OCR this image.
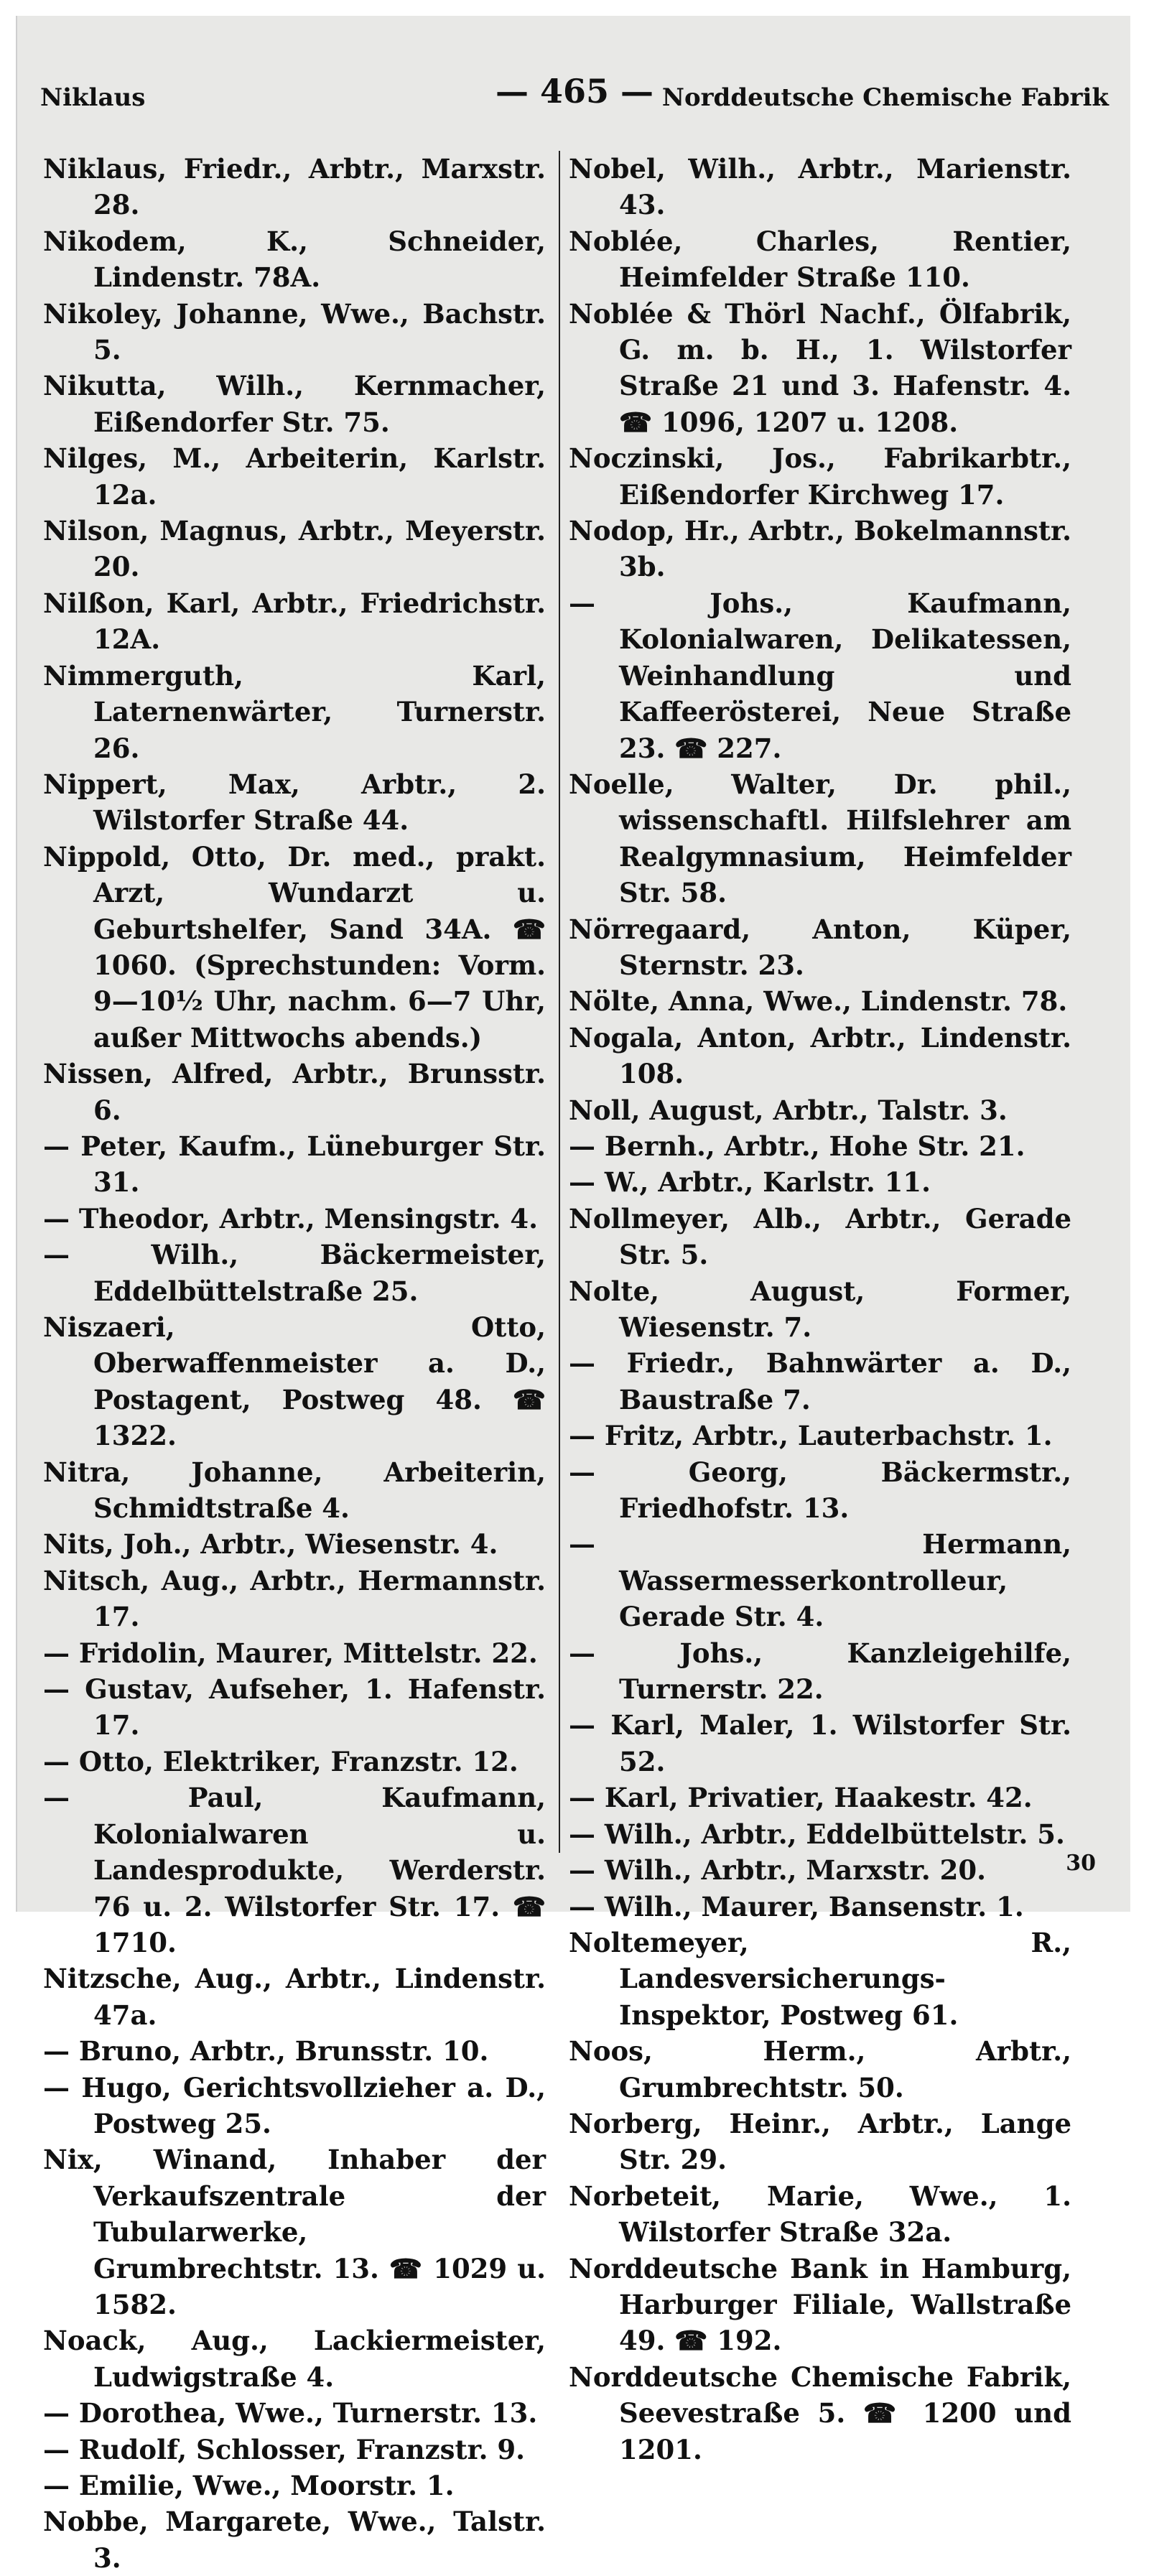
Niklaus	— 465 — Norddeutsche Chemische Fabrik

Niklaus, Friedr., Arbtr., Marxstr. 28.

Nikodem, K., Schneider, Lindenstr. 78A.

Nikoley, Johanne, Wwe., Bachstr. 5.

Nikutta, Wilh., Kernmacher, Eißendorfer Str. 75.

Nilges, M., Arbeiterin, Karlstr. 12a.

Nilson, Magnus, Arbtr., Meyerstr. 20.

Nilßon, Karl, Arbtr., Friedrichstr. 12A.

Nimmerguth, Karl, Laternenwärter, Turnerstr. 26.

Nippert, Max, Arbtr., 2. Wilstorfer Straße 44.

Nippold, Otto, Dr. med., prakt. Arzt, Wundarzt u. Geburtshelfer, Sand 34A. ☎ 1060. (Sprechstunden: Vorm. 9—10½ Uhr, nachm. 6—7 Uhr, außer Mittwochs abends.)

Nissen, Alfred, Arbtr., Brunsstr. 6.

— Peter, Kaufm., Lüneburger Str. 31.

— Theodor, Arbtr., Mensingstr. 4.

— Wilh., Bäckermeister, Eddelbüttelstraße 25.

Niszaeri, Otto, Oberwaffenmeister a. D., Postagent, Postweg 48. ☎ 1322.

Nitra, Johanne, Arbeiterin, Schmidtstraße 4.

Nits, Joh., Arbtr., Wiesenstr. 4.

Nitsch, Aug., Arbtr., Hermannstr. 17.

— Fridolin, Maurer, Mittelstr. 22.

— Gustav, Aufseher, 1. Hafenstr. 17.

— Otto, Elektriker, Franzstr. 12.

— Paul, Kaufmann, Kolonialwaren u. Landesprodukte, Werderstr. 76 u. 2. Wilstorfer Str. 17. ☎ 1710.

Nitzsche, Aug., Arbtr., Lindenstr. 47a.

— Bruno, Arbtr., Brunsstr. 10.

— Hugo, Gerichtsvollzieher a. D., Postweg 25.

Nix, Winand, Inhaber der Verkaufszentrale der Tubularwerke, Grumbrechtstr. 13. ☎ 1029 u. 1582.

Noack, Aug., Lackiermeister, Ludwigstraße 4.

— Dorothea, Wwe., Turnerstr. 13.

— Rudolf, Schlosser, Franzstr. 9.

— Emilie, Wwe., Moorstr. 1.

Nobbe, Margarete, Wwe., Talstr. 3.

Nobel, Wilh., Arbtr., Marienstr. 43.

Noblée, Charles, Rentier, Heimfelder Straße 110.

Noblée & Thörl Nachf., Ölfabrik, G. m. b. H., 1. Wilstorfer Straße 21 und 3. Hafenstr. 4. ☎ 1096, 1207 u. 1208.

Noczinski, Jos., Fabrikarbtr., Eißendorfer Kirchweg 17.

Nodop, Hr., Arbtr., Bokelmannstr. 3b.

— Johs., Kaufmann, Kolonialwaren, Delikatessen, Weinhandlung und Kaffeerösterei, Neue Straße 23. ☎ 227.

Noelle, Walter, Dr. phil., wissenschaftl. Hilfslehrer am Realgymnasium, Heimfelder Str. 58.

Nörregaard, Anton, Küper, Sternstr. 23.

Nölte, Anna, Wwe., Lindenstr. 78.

Nogala, Anton, Arbtr., Lindenstr. 108.

Noll, August, Arbtr., Talstr. 3.

— Bernh., Arbtr., Hohe Str. 21.

— W., Arbtr., Karlstr. 11.

Nollmeyer, Alb., Arbtr., Gerade Str. 5.

Nolte, August, Former, Wiesenstr. 7.

— Friedr., Bahnwärter a. D., Baustraße 7.

— Fritz, Arbtr., Lauterbachstr. 1.

— Georg, Bäckermstr., Friedhofstr. 13.

— Hermann, Wassermesserkontrolleur, Gerade Str. 4.

— Johs., Kanzleigehilfe, Turnerstr. 22.

— Karl, Maler, 1. Wilstorfer Str. 52.

— Karl, Privatier, Haakestr. 42.

— Wilh., Arbtr., Eddelbüttelstr. 5.

— Wilh., Arbtr., Marxstr. 20.

— Wilh., Maurer, Bansenstr. 1.

Noltemeyer, R., Landesversicherungs-Inspektor, Postweg 61.

Noos, Herm., Arbtr., Grumbrechtstr. 50.

Norberg, Heinr., Arbtr., Lange Str. 29.

Norbeteit, Marie, Wwe., 1. Wilstorfer Straße 32a.

Norddeutsche Bank in Hamburg, Harburger Filiale, Wallstraße 49. ☎ 192.

Norddeutsche Chemische Fabrik, Seevestraße 5. ☎ 1200 und 1201.

30
